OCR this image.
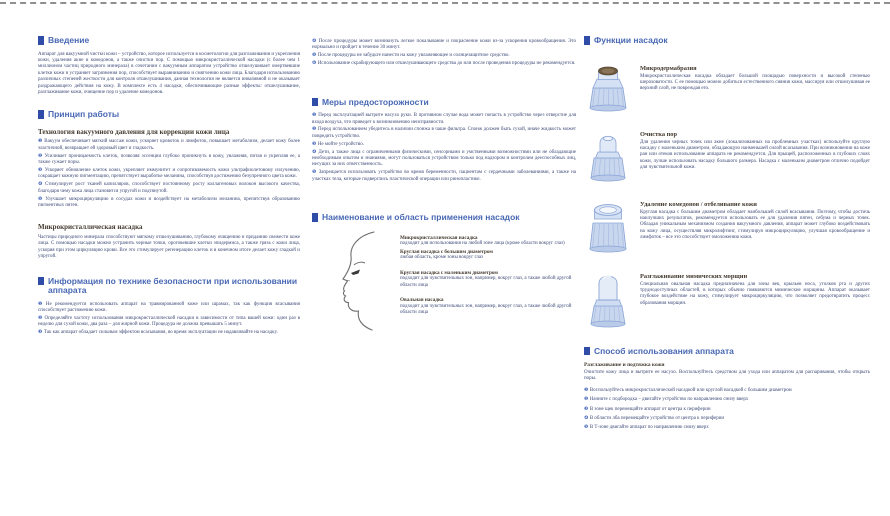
Введение
Аппарат для вакуумной чистки кожи – устройство, которое используется в косметологии для разглаживания и укрепления кожи, удаления акне и комедонов, а также очистки пор. С помощью микрокристаллической насадки (с более чем 1 миллионом частиц природного минерала) в сочетании с вакуумным аппаратом устройство отшелушивает омертвевшие клетки кожи и устраняет загрязнения пор, способствует выравниванию и смягчению кожи лица. Благодаря использованию различных степеней жесткости для контроля отшелушивания, данная технология не является инвазивной и не оказывает раздражающего действия на кожу. В комплекте есть 4 насадки, обеспечивающие разные эффекты: отшелушивание, разглаживание кожи, очищение пор и удаление комедонов.
Принцип работы
Технология вакуумного давления для коррекции кожи лица
❶ Вакуум обеспечивает мягкий массаж кожи, ускоряет кровоток и лимфоток, повышает метаболизм, делает кожу более эластичной, возвращает ей здоровый цвет и гладкость.
❷ Усиливает проницаемость клеток, позволяя эссенции глубоко проникнуть в кожу, увлажняя, питая и укрепляя ее, а также сужает поры.
❸ Ускоряет обновление клеток кожи, укрепляет иммунитет и сопротивляемость кожи ультрафиолетовому излучению, сокращает кожную пигментацию, препятствует выработке меланина, способствуя достижению безупречного цвета кожи.
❹ Стимулирует рост тканей капилляров, способствует постоянному росту коллагеновых волокон высокого качества, благодаря чему кожа лица становится упругой и подтянутой.
❺ Улучшает микроциркуляцию в сосудах кожи и воздействует на метаболизм меланина, препятствуя образованию пигментных пятен.
Микрокристаллическая насадка
Частицы природного минерала способствуют мягкому отшелушиванию, глубокому очищению и приданию свежести коже лица. С помощью насадки можно устранить черные точки, ороговевшие клетки эпидермиса, а также грязь с кожи лица, ускоряя при этом циркуляцию крови. Все это стимулирует регенерацию клеток и в конечном итоге делает кожу гладкой и упругой.
Информация по технике безопасности при использовании аппарата
❶ Не рекомендуется использовать аппарат на травмированной коже или шрамах, так как функция всасывания способствует растяжению кожи.
❷ Определяйте частоту использования микрокристаллической насадки в зависимости от типа вашей кожи: один раз в неделю для сухой кожи, два раза – для жирной кожи. Процедура не должна превышать 5 минут.
❸ Так как аппарат обладает сильным эффектом всасывания, во время эксплуатации не надавливайте на насадку.
❹ После процедуры может возникнуть легкое покалывание и покраснение кожи из-за ускорения кровообращения. Это нормально и пройдет в течение 30 минут.
❺ После процедуры не забудьте нанести на кожу увлажняющее и солнцезащитное средство.
❻ Использование скрабирующего или отшелушивающего средства до или после проведения процедуры не рекомендуется.
Меры предосторожности
❶ Перед эксплуатацией вытрите насухо руки. В противном случае вода может попасть в устройство через отверстие для входа воздуха, что приведет к возникновению неисправности.
❷ Перед использованием убедитесь в наличии спонжа в чаше фильтра. Спонж должен быть сухой, иначе жидкость может повредить устройство.
❸ Не мойте устройство.
❹ Дети, а также лица с ограниченными физическими, сенсорными и умственными возможностями или не обладающие необходимым опытом и знаниями, могут пользоваться устройством только под надзором и контролем дееспособных лиц, несущих за них ответственность.
❺ Запрещается использовать устройство во время беременности, пациентам с сердечными заболеваниями, а также на участках тела, которые подверглись пластической операции или ринопластике.
Наименование и область применения насадок
Микрокристаллическая насадка
подходит для использования на любой зоне лица (кроме области вокруг глаз)
Круглая насадка с большим диаметром
любая область, кроме зоны вокруг глаз
Круглая насадка с маленьким диаметром
подходит для чувствительных зон, например, вокруг глаз, а также любой другой области лица
Овальная насадка
подходит для чувствительных зон, например, вокруг глаз, а также любой другой области лица
Функции насадок
Микродермабразия
Микрокристаллическая насадка обладает большой площадью поверхности и высокой степенью шероховатости. С ее помощью можно добиться естественного сияния кожи, массируя или отшелушивая ее верхний слой, не повреждая его.
Очистка пор
Для удаления черных точек или акне (локализованных на проблемных участках) используйте круглую насадку с маленьким диаметром, обладающую наименьшей силой всасывания. При возникновении на коже ран или отеков использование аппарата не рекомендуется. Для прыщей, расположенных в глубоких слоях кожи, лучше использовать насадку большого размера. Насадка с маленьким диаметром отлично подойдет для чувствительной кожи.
Удаление комедонов / отбеливание кожи
Круглая насадка с большим диаметром обладает наибольшей силой всасывания. Поэтому, чтобы достичь наилучших результатов, рекомендуется использовать ее для удаления пятен, себума и черных точек. Обладая уникальным механизмом создания вакуумного давления, аппарат может глубоко воздействовать на кожу лица, осуществляя микролифтинг, стимулируя микроциркуляцию, улучшая кровообращение и лимфоток – все это способствует омоложению кожи.
Разглаживание мимических морщин
Специальная овальная насадка предназначена для зоны век, крыльев носа, уголков рта и других труднодоступных областей, в которых обычно появляются мимические морщины. Аппарат оказывает глубокое воздействие на кожу, стимулирует микроциркуляцию, что позволяет предотвратить процесс образования морщин.
Способ использования аппарата
Разглаживание и подтяжка кожи
Очистите кожу лица и вытрите ее насухо. Воспользуйтесь средством для ухода или аппаратом для распаривания, чтобы открыть поры.
❶ Воспользуйтесь микрокристаллической насадкой или круглой насадкой с большим диаметром
❷ Начните с подбородка – двигайте устройство по направлению снизу вверх
❸ В зоне щек перемещайте аппарат от центра к периферии
❹ В области лба перемещайте устройство от центра к периферии
❺ В Т-зоне двигайте аппарат по направлению снизу вверх
